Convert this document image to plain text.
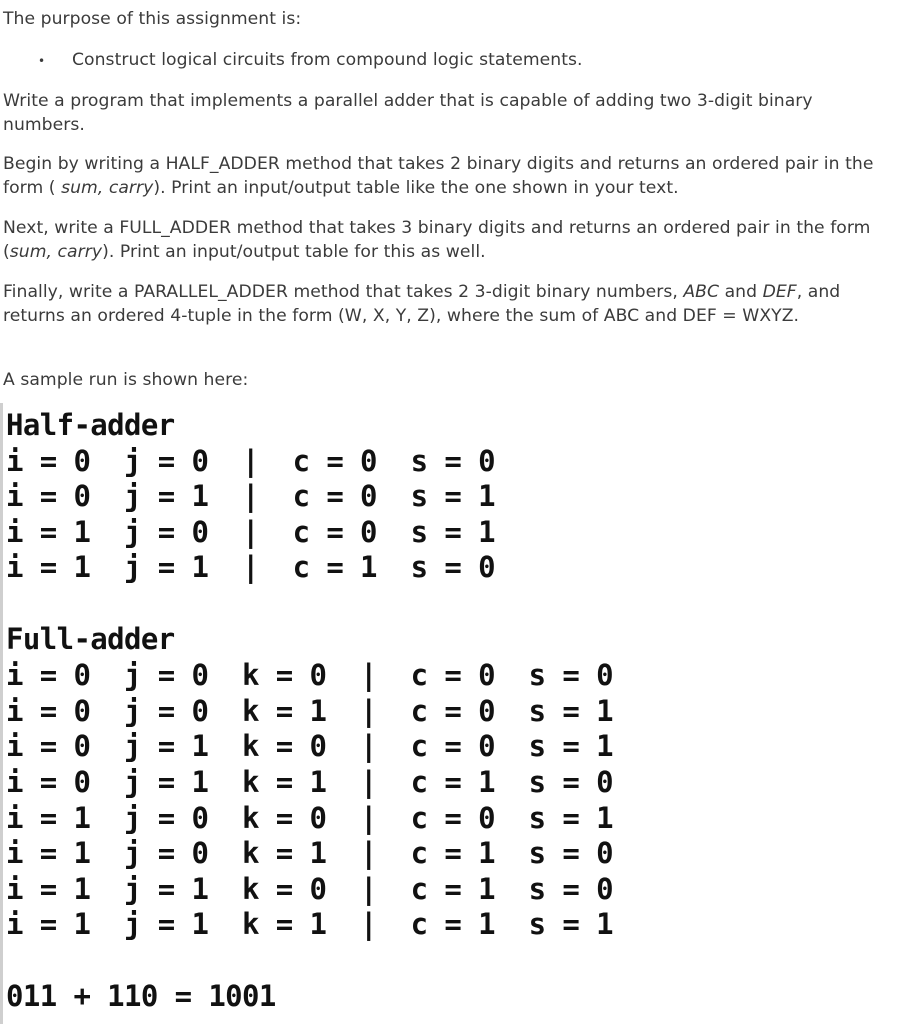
The purpose of this assignment is:

•	Construct logical circuits from compound logic statements.

Write a program that implements a parallel adder that is capable of adding two 3-digit binary numbers.

Begin by writing a HALF_ADDER method that takes 2 binary digits and returns an ordered pair in the form ( sum, carry). Print an input/output table like the one shown in your text.

Next, write a FULL_ADDER method that takes 3 binary digits and returns an ordered pair in the form (sum, carry). Print an input/output table for this as well.

Finally, write a PARALLEL_ADDER method that takes 2 3-digit binary numbers, ABC and DEF, and returns an ordered 4-tuple in the form (W, X, Y, Z), where the sum of ABC and DEF = WXYZ.

A sample run is shown here:

Half-adder
i = 0  j = 0  |  c = 0  s = 0
i = 0  j = 1  |  c = 0  s = 1
i = 1  j = 0  |  c = 0  s = 1
i = 1  j = 1  |  c = 1  s = 0
Full-adder
i = 0  j = 0  k = 0  |  c = 0  s = 0
i = 0  j = 0  k = 1  |  c = 0  s = 1
i = 0  j = 1  k = 0  |  c = 0  s = 1
i = 0  j = 1  k = 1  |  c = 1  s = 0
i = 1  j = 0  k = 0  |  c = 0  s = 1
i = 1  j = 0  k = 1  |  c = 1  s = 0
i = 1  j = 1  k = 0  |  c = 1  s = 0
i = 1  j = 1  k = 1  |  c = 1  s = 1
011 + 110 = 1001
